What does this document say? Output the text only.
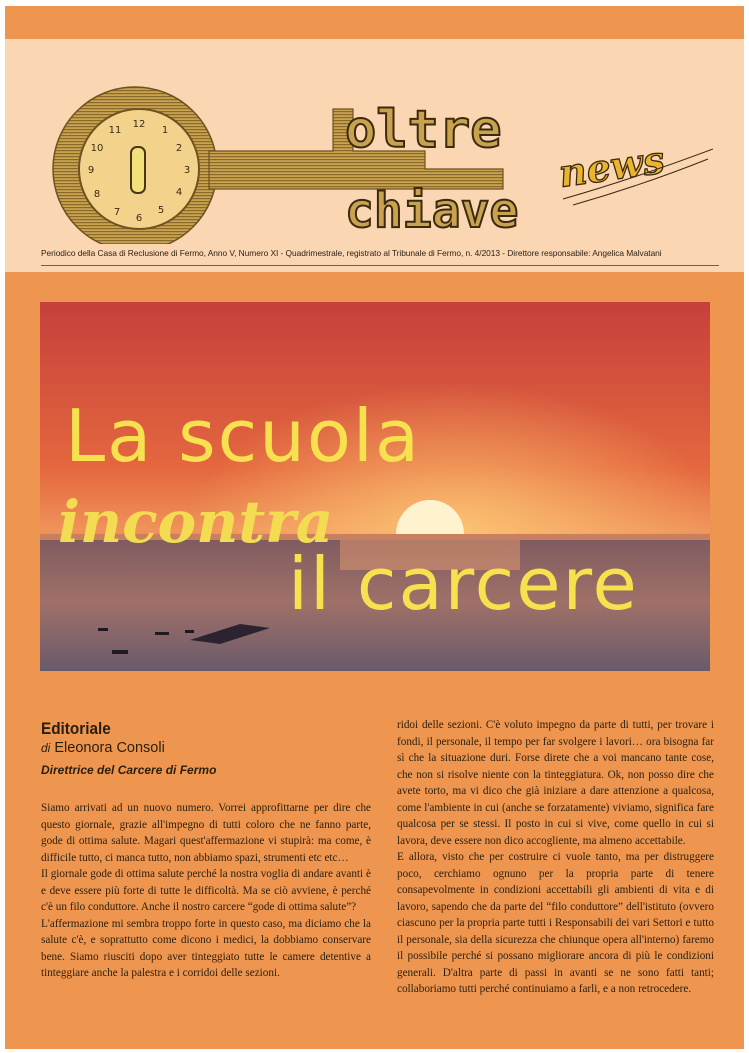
12
1
2
3
4
5
6
7
8
9
10
11	oltre
chiave
news
Periodico della Casa di Reclusione di Fermo, Anno V, Numero XI - Quadrimestrale, registrato al Tribunale di Fermo, n. 4/2013 - Direttore responsabile: Angelica Malvatani
La scuola
incontra
il carcere
Editoriale
di Eleonora Consoli
Direttrice del Carcere di Fermo

Siamo arrivati ad un nuovo numero. Vorrei approfittarne per dire che questo giornale, grazie all'impegno di tutti coloro che ne fanno parte, gode di ottima salute. Magari quest'affermazione vi stupirà: ma come, è difficile tutto, ci manca tutto, non abbiamo spazi, strumenti etc etc…

Il giornale gode di ottima salute perché la nostra voglia di andare avanti è e deve essere più forte di tutte le difficoltà. Ma se ciò avviene, è perché c'è un filo conduttore. Anche il nostro carcere “gode di ottima salute”?

L'affermazione mi sembra troppo forte in questo caso, ma diciamo che la salute c'è, e soprattutto come dicono i medici, la dobbiamo conservare bene. Siamo riusciti dopo aver tinteggiato tutte le camere detentive a tinteggiare anche la palestra e i corridoi delle sezioni.

ridoi delle sezioni. C'è voluto impegno da parte di tutti, per trovare i fondi, il personale, il tempo per far svolgere i lavori… ora bisogna far sì che la situazione duri. Forse direte che a voi mancano tante cose, che non si risolve niente con la tinteggiatura. Ok, non posso dire che avete torto, ma vi dico che già iniziare a dare attenzione a qualcosa, come l'ambiente in cui (anche se forzatamente) viviamo, significa fare qualcosa per se stessi. Il posto in cui si vive, come quello in cui si lavora, deve essere non dico accogliente, ma almeno accettabile.

E allora, visto che per costruire ci vuole tanto, ma per distruggere poco, cerchiamo ognuno per la propria parte di tenere consapevolmente in condizioni accettabili gli ambienti di vita e di lavoro, sapendo che da parte del “filo conduttore” dell'istituto (ovvero ciascuno per la propria parte tutti i Responsabili dei vari Settori e tutto il personale, sia della sicurezza che chiunque opera all'interno) faremo il possibile perché si possano migliorare ancora di più le condizioni generali. D'altra parte di passi in avanti se ne sono fatti tanti; collaboriamo tutti perché continuiamo a farli, e a non retrocedere.
